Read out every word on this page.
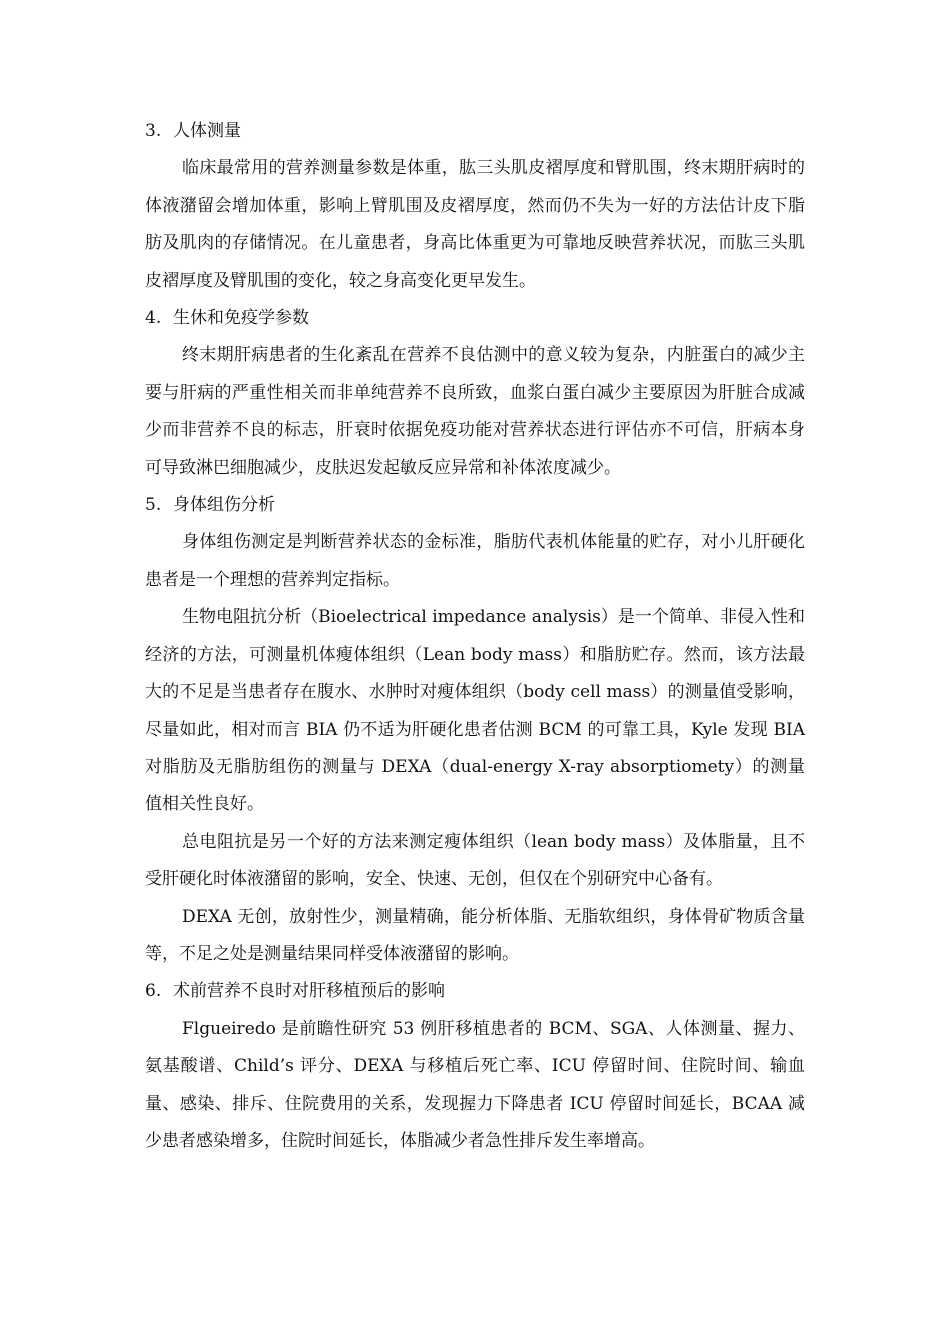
3. 人体测量

临床最常用的营养测量参数是体重，肱三头肌皮褶厚度和臂肌围，终末期肝病时的体液潴留会增加体重，影响上臂肌围及皮褶厚度，然而仍不失为一好的方法估计皮下脂肪及肌肉的存储情况。在儿童患者，身高比体重更为可靠地反映营养状况，而肱三头肌皮褶厚度及臂肌围的变化，较之身高变化更早发生。

4. 生休和免疫学参数

终末期肝病患者的生化紊乱在营养不良估测中的意义较为复杂，内脏蛋白的减少主要与肝病的严重性相关而非单纯营养不良所致，血浆白蛋白减少主要原因为肝脏合成减少而非营养不良的标志，肝衰时依据免疫功能对营养状态进行评估亦不可信，肝病本身可导致淋巴细胞减少，皮肤迟发起敏反应异常和补体浓度减少。

5. 身体组伤分析

身体组伤测定是判断营养状态的金标准，脂肪代表机体能量的贮存，对小儿肝硬化患者是一个理想的营养判定指标。

生物电阻抗分析（Bioelectrical impedance analysis）是一个简单、非侵入性和经济的方法，可测量机体瘦体组织（Lean body mass）和脂肪贮存。然而，该方法最大的不足是当患者存在腹水、水肿时对瘦体组织（body cell mass）的测量值受影响，尽量如此，相对而言 BIA 仍不适为肝硬化患者估测 BCM 的可靠工具，Kyle 发现 BIA 对脂肪及无脂肪组伤的测量与 DEXA（dual-energy X-ray absorptiomety）的测量值相关性良好。

总电阻抗是另一个好的方法来测定瘦体组织（lean body mass）及体脂量，且不受肝硬化时体液潴留的影响，安全、快速、无创，但仅在个别研究中心备有。

DEXA 无创，放射性少，测量精确，能分析体脂、无脂软组织，身体骨矿物质含量等，不足之处是测量结果同样受体液潴留的影响。

6. 术前营养不良时对肝移植预后的影响

Flgueiredo 是前瞻性研究 53 例肝移植患者的 BCM、SGA、人体测量、握力、氨基酸谱、Child’s 评分、DEXA 与移植后死亡率、ICU 停留时间、住院时间、输血量、感染、排斥、住院费用的关系，发现握力下降患者 ICU 停留时间延长，BCAA 减少患者感染增多，住院时间延长，体脂减少者急性排斥发生率增高。
